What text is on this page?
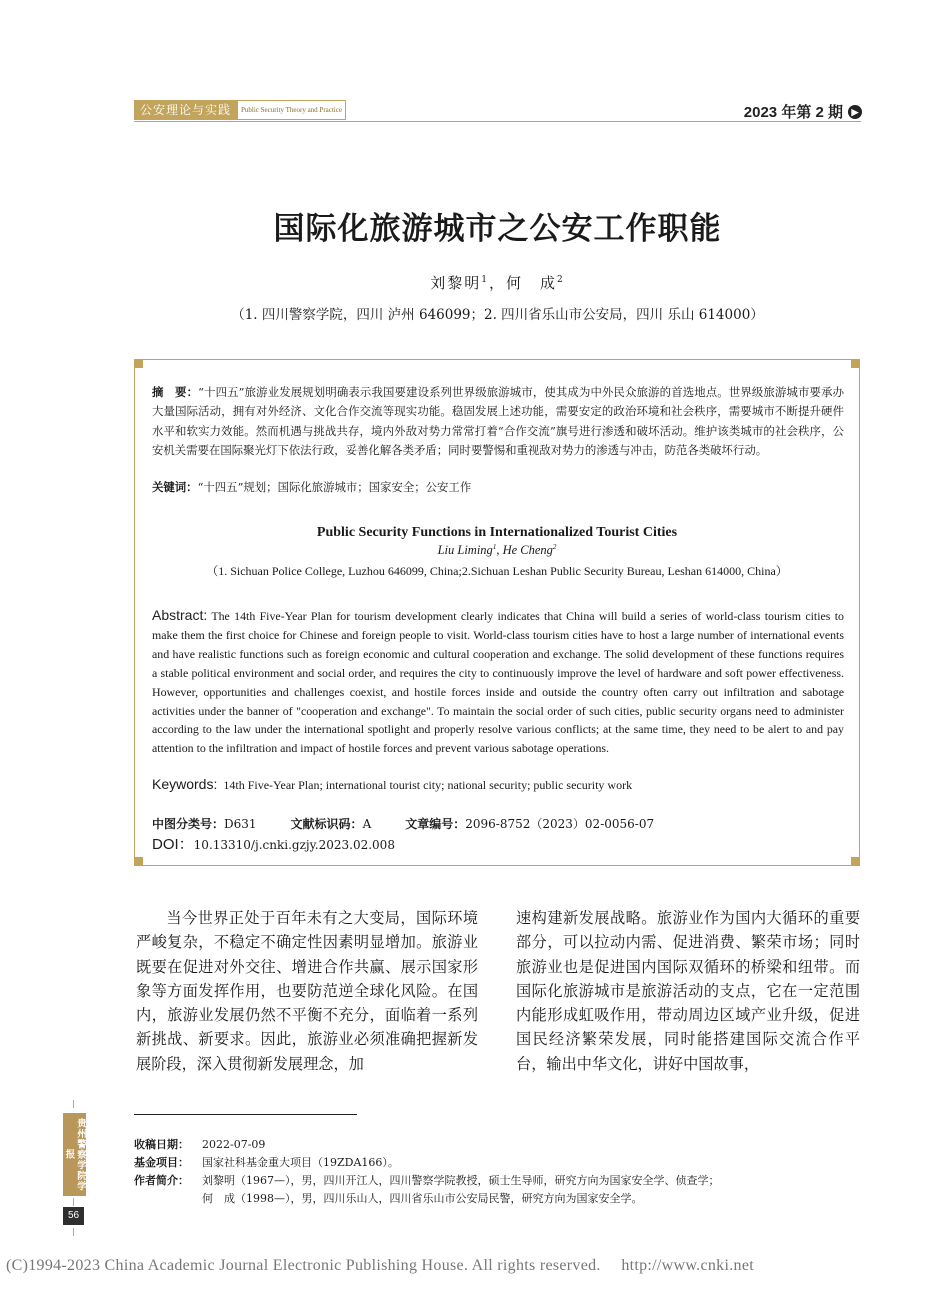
公安理论与实践	Public Security Theory and Practice	2023 年第 2 期 ▶
国际化旅游城市之公安工作职能
刘黎明$^1$，何　成$^2$
（1. 四川警察学院，四川 泸州 646099；2. 四川省乐山市公安局，四川 乐山 614000）
摘　要：“十四五”旅游业发展规划明确表示我国要建设系列世界级旅游城市，使其成为中外民众旅游的首选地点。世界级旅游城市要承办大量国际活动，拥有对外经济、文化合作交流等现实功能。稳固发展上述功能，需要安定的政治环境和社会秩序，需要城市不断提升硬件水平和软实力效能。然而机遇与挑战共存，境内外敌对势力常常打着“合作交流”旗号进行渗透和破坏活动。维护该类城市的社会秩序，公安机关需要在国际聚光灯下依法行政，妥善化解各类矛盾；同时要警惕和重视敌对势力的渗透与冲击，防范各类破坏行动。
关键词：“十四五”规划；国际化旅游城市；国家安全；公安工作
Public Security Functions in Internationalized Tourist Cities
Liu Liming$^1$, He Cheng$^2$
（1. Sichuan Police College, Luzhou 646099, China;2.Sichuan Leshan Public Security Bureau, Leshan 614000, China）
Abstract: The 14th Five-Year Plan for tourism development clearly indicates that China will build a series of world-class tourism cities to make them the first choice for Chinese and foreign people to visit. World-class tourism cities have to host a large number of international events and have realistic functions such as foreign economic and cultural cooperation and exchange. The solid development of these functions requires a stable political environment and social order, and requires the city to continuously improve the level of hardware and soft power effectiveness. However, opportunities and challenges coexist, and hostile forces inside and outside the country often carry out infiltration and sabotage activities under the banner of "cooperation and exchange". To maintain the social order of such cities, public security organs need to administer according to the law under the international spotlight and properly resolve various conflicts; at the same time, they need to be alert to and pay attention to the infiltration and impact of hostile forces and prevent various sabotage operations.
Keywords: 14th Five-Year Plan; international tourist city; national security; public security work
中图分类号：D631	文献标识码：A	文章编号：2096-8752（2023）02-0056-07
DOI：10.13310/j.cnki.gzjy.2023.02.008
当今世界正处于百年未有之大变局，国际环境严峻复杂，不稳定不确定性因素明显增加。旅游业既要在促进对外交往、增进合作共赢、展示国家形象等方面发挥作用，也要防范逆全球化风险。在国内，旅游业发展仍然不平衡不充分，面临着一系列新挑战、新要求。因此，旅游业必须准确把握新发展阶段，深入贯彻新发展理念，加
速构建新发展战略。旅游业作为国内大循环的重要部分，可以拉动内需、促进消费、繁荣市场；同时旅游业也是促进国内国际双循环的桥梁和纽带。而国际化旅游城市是旅游活动的支点，它在一定范围内能形成虹吸作用，带动周边区域产业升级，促进国民经济繁荣发展，同时能搭建国际交流合作平台，输出中华文化，讲好中国故事，
收稿日期：	2022-07-09
基金项目：	国家社科基金重大项目（19ZDA166）。
作者简介：	刘黎明（1967—），男，四川开江人，四川警察学院教授，硕士生导师，研究方向为国家安全学、侦查学；
何　成（1998—），男，四川乐山人，四川省乐山市公安局民警，研究方向为国家安全学。
贵州警察学院学报
56
(C)1994-2023 China Academic Journal Electronic Publishing House. All rights reserved.　 http://www.cnki.net
